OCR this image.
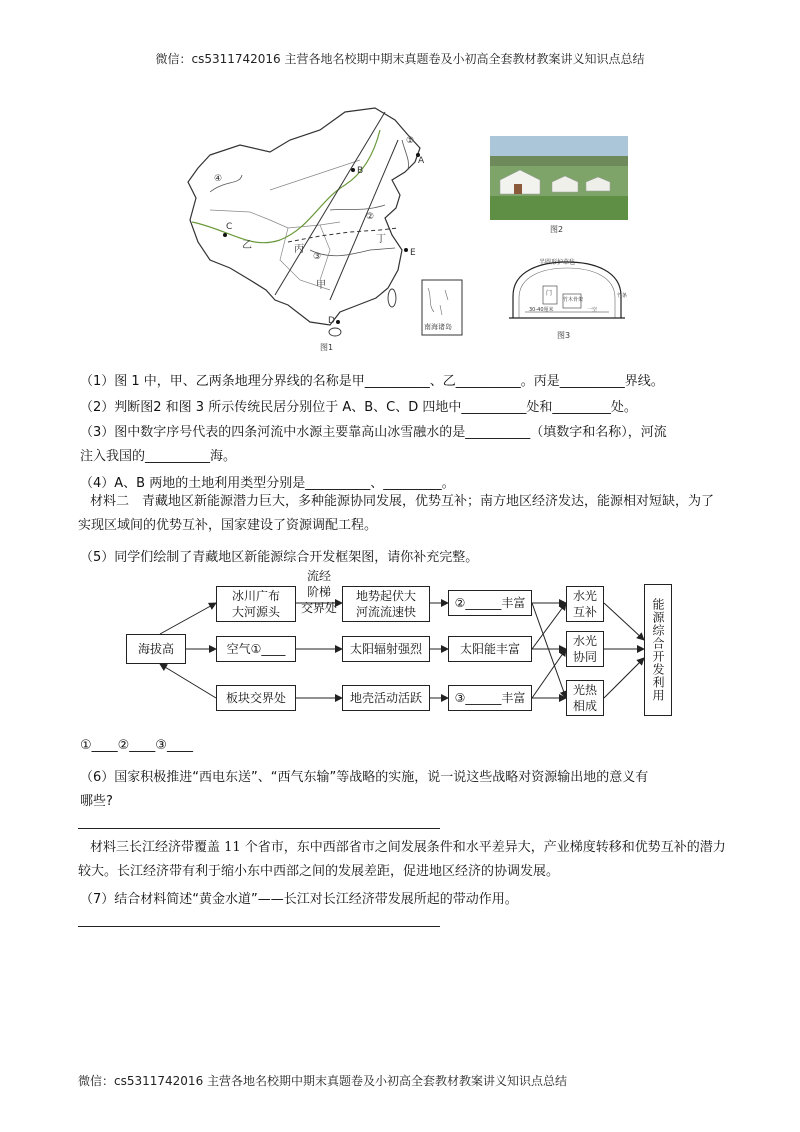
微信：cs5311742016 主营各地名校期中期末真题卷及小初高全套教材教案讲义知识点总结
①
A
B
④
C
乙
②
丙
丁
E
③
甲
D
南海诸岛
图1
图2
半圆形护草毡
门
竹木骨架
竹条
30-40厘米	一空
图3
（1）图 1 中，甲、乙两条地理分界线的名称是甲__________、乙__________。丙是__________界线。
（2）判断图2 和图 3 所示传统民居分别位于 A、B、C、D 四地中__________处和_________处。
（3）图中数字序号代表的四条河流中水源主要靠高山冰雪融水的是__________（填数字和名称），河流
注入我国的__________海。
（4）A、B 两地的土地利用类型分别是__________、_________。
材料二　青藏地区新能源潜力巨大，多种能源协同发展，优势互补；南方地区经济发达，能源相对短缺，为了实现区域间的优势互补，国家建设了资源调配工程。
（5）同学们绘制了青藏地区新能源综合开发框架图，请你补充完整。
海拔高
冰川广布
大河源头
空气①____
板块交界处
流经
阶梯
交界处
地势起伏大
河流流速快
太阳辐射强烈
地壳活动活跃
②______丰富
太阳能丰富
③______丰富
水光
互补
水光
协同
光热
相成
能源综合开发利用
①____②____③____
（6）国家积极推进“西电东送”、“西气东输”等战略的实施，说一说这些战略对资源输出地的意义有
哪些?
材料三长江经济带覆盖 11 个省市，东中西部省市之间发展条件和水平差异大，产业梯度转移和优势互补的潜力较大。长江经济带有利于缩小东中西部之间的发展差距，促进地区经济的协调发展。
（7）结合材料简述“黄金水道”——长江对长江经济带发展所起的带动作用。
微信：cs5311742016 主营各地名校期中期末真题卷及小初高全套教材教案讲义知识点总结
